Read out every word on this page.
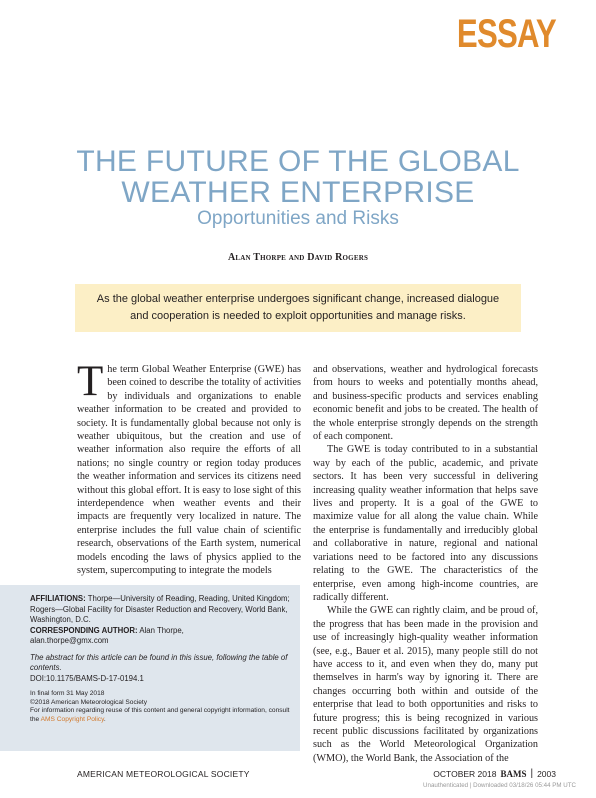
ESSAY
THE FUTURE OF THE GLOBAL
WEATHER ENTERPRISE
Opportunities and Risks
Alan Thorpe and David Rogers
As the global weather enterprise undergoes significant change, increased dialogue and cooperation is needed to exploit opportunities and manage risks.

The term Global Weather Enterprise (GWE) has been coined to describe the totality of activities by individuals and organizations to enable weather information to be created and provided to society. It is fundamentally global because not only is weather ubiquitous, but the creation and use of weather information also require the efforts of all nations; no single country or region today produces the weather information and services its citizens need without this global effort. It is easy to lose sight of this interdependence when weather events and their impacts are frequently very localized in nature. The enterprise includes the full value chain of scientific research, observations of the Earth system, numerical models encoding the laws of physics applied to the system, supercomputing to integrate the models

and observations, weather and hydrological forecasts from hours to weeks and potentially months ahead, and business-specific products and services enabling economic benefit and jobs to be created. The health of the whole enterprise strongly depends on the strength of each component.

The GWE is today contributed to in a substantial way by each of the public, academic, and private sectors. It has been very successful in delivering increasing quality weather information that helps save lives and property. It is a goal of the GWE to maximize value for all along the value chain. While the enterprise is fundamentally and irreducibly global and collaborative in nature, regional and national variations need to be factored into any discussions relating to the GWE. The characteristics of the enterprise, even among high-income countries, are radically different.

While the GWE can rightly claim, and be proud of, the progress that has been made in the provision and use of increasingly high-quality weather information (see, e.g., Bauer et al. 2015), many people still do not have access to it, and even when they do, many put themselves in harm's way by ignoring it. There are changes occurring both within and outside of the enterprise that lead to both opportunities and risks to future progress; this is being recognized in various recent public discussions facilitated by organizations such as the World Meteorological Organization (WMO), the World Bank, the Association of the

AFFILIATIONS: Thorpe—University of Reading, Reading, United Kingdom; Rogers—Global Facility for Disaster Reduction and Recovery, World Bank, Washington, D.C.
CORRESPONDING AUTHOR: Alan Thorpe,
alan.thorpe@gmx.com
The abstract for this article can be found in this issue, following the table of contents.
DOI:10.1175/BAMS-D-17-0194.1
In final form 31 May 2018
©2018 American Meteorological Society
For information regarding reuse of this content and general copyright information, consult the AMS Copyright Policy.
AMERICAN METEOROLOGICAL SOCIETY	OCTOBER 2018 BAMS | 2003
Unauthenticated | Downloaded 03/18/26 05:44 PM UTC
